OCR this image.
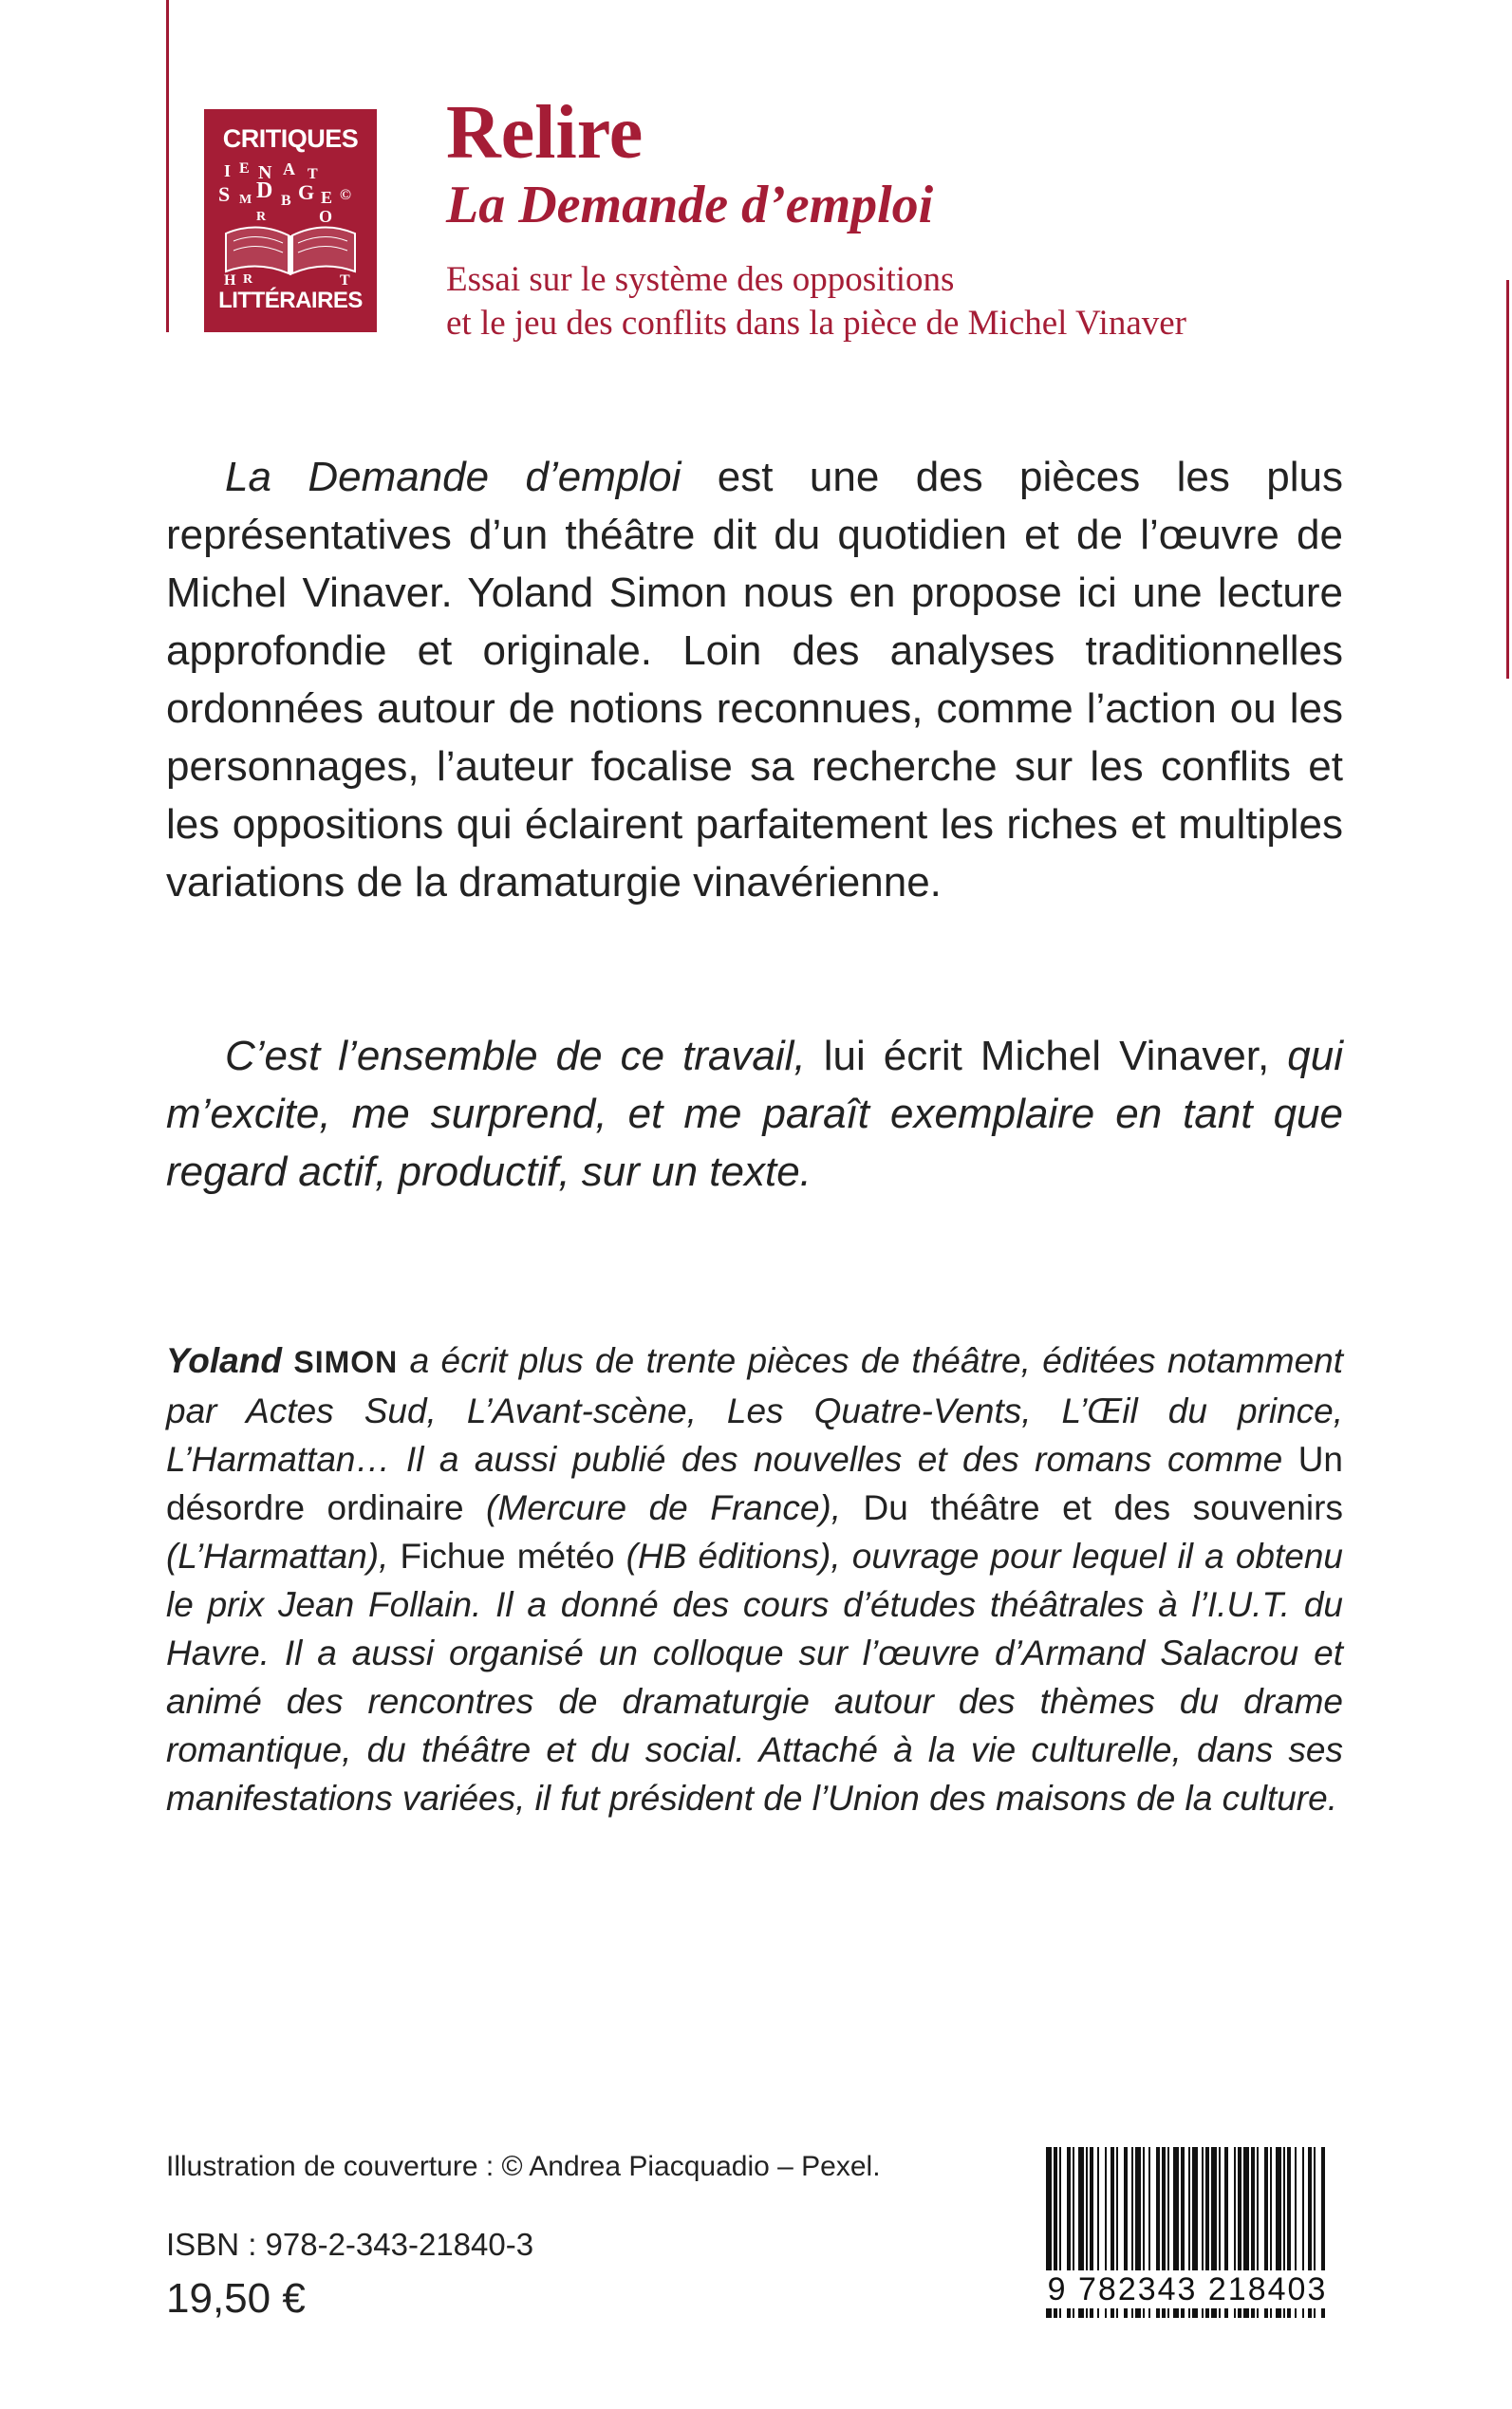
CRITIQUES
I E N A T
S M D B G E ©
R	O
H R	T
LITTÉRAIRES
Relire
La Demande d’emploi
Essai sur le système des oppositions
et le jeu des conflits dans la pièce de Michel Vinaver
La Demande d’emploi est une des pièces les plus représentatives d’un théâtre dit du quotidien et de l’œuvre de Michel Vinaver. Yoland Simon nous en propose ici une lecture approfondie et originale. Loin des analyses traditionnelles ordonnées autour de notions reconnues, comme l’action ou les personnages, l’auteur focalise sa recherche sur les conflits et les oppositions qui éclairent parfaitement les riches et multiples variations de la dramaturgie vinavérienne.
C’est l’ensemble de ce travail, lui écrit Michel Vinaver, qui m’excite, me surprend, et me paraît exemplaire en tant que regard actif, productif, sur un texte.
Yoland SIMON a écrit plus de trente pièces de théâtre, éditées notamment par Actes Sud, L’Avant-scène, Les Quatre-Vents, L’Œil du prince, L’Harmattan… Il a aussi publié des nouvelles et des romans comme Un désordre ordinaire (Mercure de France), Du théâtre et des souvenirs (L’Harmattan), Fichue météo (HB éditions), ouvrage pour lequel il a obtenu le prix Jean Follain. Il a donné des cours d’études théâtrales à l’I.U.T. du Havre. Il a aussi organisé un colloque sur l’œuvre d’Armand Salacrou et animé des rencontres de dramaturgie autour des thèmes du drame romantique, du théâtre et du social. Attaché à la vie culturelle, dans ses manifestations variées, il fut président de l’Union des maisons de la culture.
Illustration de couverture : © Andrea Piacquadio – Pexel.
ISBN : 978-2-343-21840-3
19,50 €	9 782343 218403
